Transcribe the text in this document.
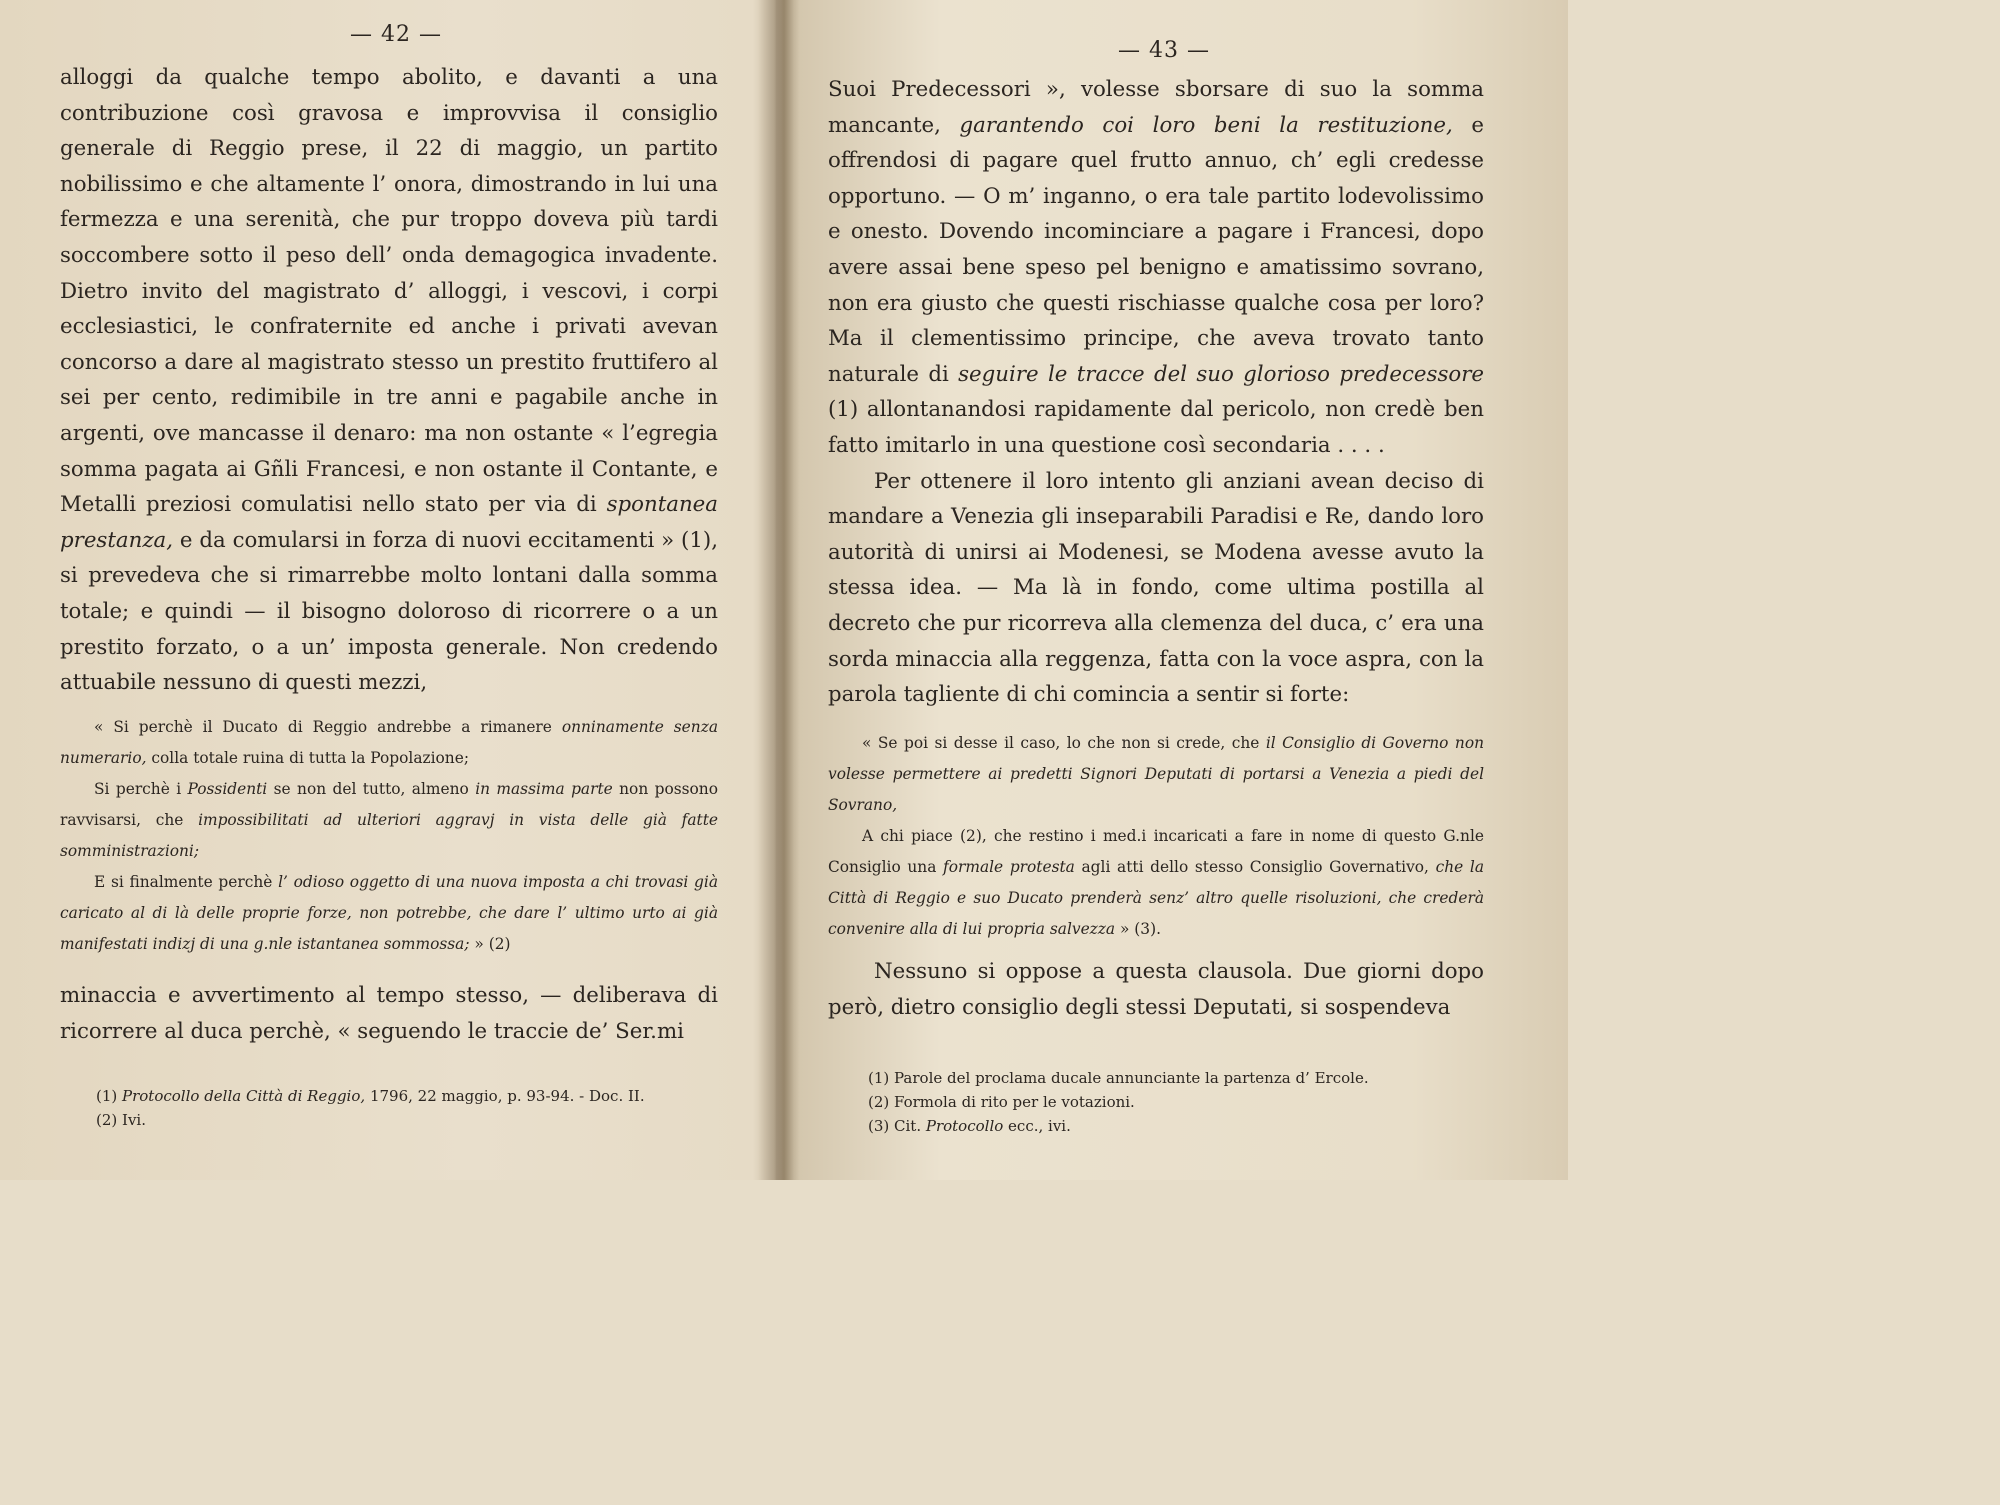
— 42 —

alloggi da qualche tempo abolito, e davanti a una contribuzione così gravosa e improvvisa il consiglio generale di Reggio prese, il 22 di maggio, un partito nobilissimo e che altamente l’ onora, dimostrando in lui una fermezza e una serenità, che pur troppo doveva più tardi soccombere sotto il peso dell’ onda demagogica invadente. Dietro invito del magistrato d’ alloggi, i vescovi, i corpi ecclesiastici, le confraternite ed anche i privati avevan concorso a dare al magistrato stesso un prestito fruttifero al sei per cento, redimibile in tre anni e pagabile anche in argenti, ove mancasse il denaro: ma non ostante « l’egregia somma pagata ai Gñli Francesi, e non ostante il Contante, e Metalli preziosi comulatisi nello stato per via di spontanea prestanza, e da comularsi in forza di nuovi eccitamenti » (1), si prevedeva che si rimarrebbe molto lontani dalla somma totale; e quindi — il bisogno doloroso di ricorrere o a un prestito forzato, o a un’ imposta generale. Non credendo attuabile nessuno di questi mezzi,

« Si perchè il Ducato di Reggio andrebbe a rimanere onninamente senza numerario, colla totale ruina di tutta la Popolazione;

Si perchè i Possidenti se non del tutto, almeno in massima parte non possono ravvisarsi, che impossibilitati ad ulteriori aggravj in vista delle già fatte somministrazioni;

E si finalmente perchè l’ odioso oggetto di una nuova imposta a chi trovasi già caricato al di là delle proprie forze, non potrebbe, che dare l’ ultimo urto ai già manifestati indizj di una g.nle istantanea sommossa; » (2)

minaccia e avvertimento al tempo stesso, — deliberava di ricorrere al duca perchè, « seguendo le traccie de’ Ser.mi

(1) Protocollo della Città di Reggio, 1796, 22 maggio, p. 93-94. - Doc. II.

(2) Ivi.

— 43 —

Suoi Predecessori », volesse sborsare di suo la somma mancante, garantendo coi loro beni la restituzione, e offrendosi di pagare quel frutto annuo, ch’ egli credesse opportuno. — O m’ inganno, o era tale partito lodevolissimo e onesto. Dovendo incominciare a pagare i Francesi, dopo avere assai bene speso pel benigno e amatissimo sovrano, non era giusto che questi rischiasse qualche cosa per loro? Ma il clementissimo principe, che aveva trovato tanto naturale di seguire le tracce del suo glorioso predecessore (1) allontanandosi rapidamente dal pericolo, non credè ben fatto imitarlo in una questione così secondaria . . . .

Per ottenere il loro intento gli anziani avean deciso di mandare a Venezia gli inseparabili Paradisi e Re, dando loro autorità di unirsi ai Modenesi, se Modena avesse avuto la stessa idea. — Ma là in fondo, come ultima postilla al decreto che pur ricorreva alla clemenza del duca, c’ era una sorda minaccia alla reggenza, fatta con la voce aspra, con la parola tagliente di chi comincia a sentir si forte:

« Se poi si desse il caso, lo che non si crede, che il Consiglio di Governo non volesse permettere ai predetti Signori Deputati di portarsi a Venezia a piedi del Sovrano,

A chi piace (2), che restino i med.i incaricati a fare in nome di questo G.nle Consiglio una formale protesta agli atti dello stesso Consiglio Governativo, che la Città di Reggio e suo Ducato prenderà senz’ altro quelle risoluzioni, che crederà convenire alla di lui propria salvezza » (3).

Nessuno si oppose a questa clausola. Due giorni dopo però, dietro consiglio degli stessi Deputati, si sospendeva

(1) Parole del proclama ducale annunciante la partenza d’ Ercole.

(2) Formola di rito per le votazioni.

(3) Cit. Protocollo ecc., ivi.
